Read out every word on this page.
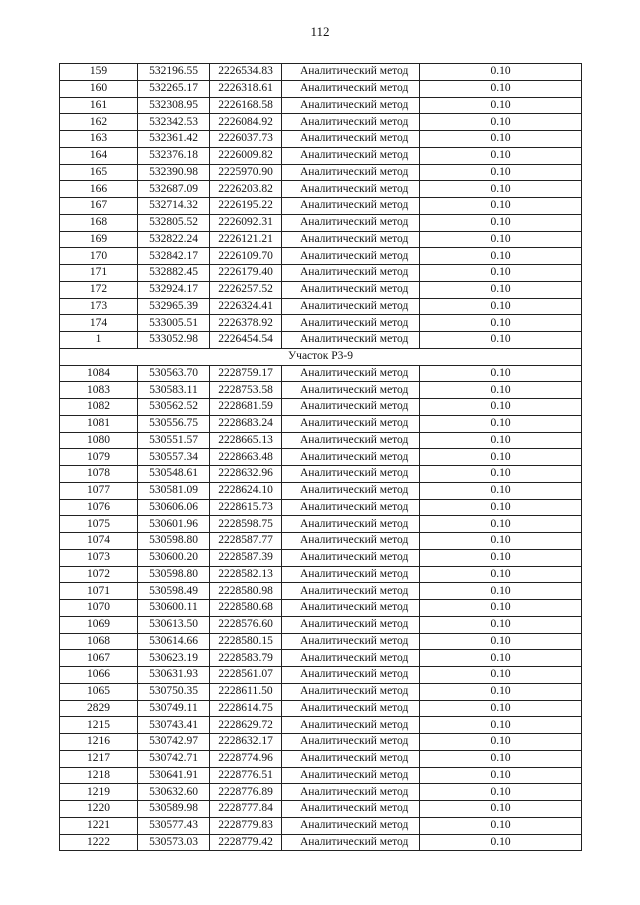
112
159	532196.55	2226534.83	Аналитический метод	0.10
160	532265.17	2226318.61	Аналитический метод	0.10
161	532308.95	2226168.58	Аналитический метод	0.10
162	532342.53	2226084.92	Аналитический метод	0.10
163	532361.42	2226037.73	Аналитический метод	0.10
164	532376.18	2226009.82	Аналитический метод	0.10
165	532390.98	2225970.90	Аналитический метод	0.10
166	532687.09	2226203.82	Аналитический метод	0.10
167	532714.32	2226195.22	Аналитический метод	0.10
168	532805.52	2226092.31	Аналитический метод	0.10
169	532822.24	2226121.21	Аналитический метод	0.10
170	532842.17	2226109.70	Аналитический метод	0.10
171	532882.45	2226179.40	Аналитический метод	0.10
172	532924.17	2226257.52	Аналитический метод	0.10
173	532965.39	2226324.41	Аналитический метод	0.10
174	533005.51	2226378.92	Аналитический метод	0.10
1	533052.98	2226454.54	Аналитический метод	0.10
Участок Р3-9				
1084	530563.70	2228759.17	Аналитический метод	0.10
1083	530583.11	2228753.58	Аналитический метод	0.10
1082	530562.52	2228681.59	Аналитический метод	0.10
1081	530556.75	2228683.24	Аналитический метод	0.10
1080	530551.57	2228665.13	Аналитический метод	0.10
1079	530557.34	2228663.48	Аналитический метод	0.10
1078	530548.61	2228632.96	Аналитический метод	0.10
1077	530581.09	2228624.10	Аналитический метод	0.10
1076	530606.06	2228615.73	Аналитический метод	0.10
1075	530601.96	2228598.75	Аналитический метод	0.10
1074	530598.80	2228587.77	Аналитический метод	0.10
1073	530600.20	2228587.39	Аналитический метод	0.10
1072	530598.80	2228582.13	Аналитический метод	0.10
1071	530598.49	2228580.98	Аналитический метод	0.10
1070	530600.11	2228580.68	Аналитический метод	0.10
1069	530613.50	2228576.60	Аналитический метод	0.10
1068	530614.66	2228580.15	Аналитический метод	0.10
1067	530623.19	2228583.79	Аналитический метод	0.10
1066	530631.93	2228561.07	Аналитический метод	0.10
1065	530750.35	2228611.50	Аналитический метод	0.10
2829	530749.11	2228614.75	Аналитический метод	0.10
1215	530743.41	2228629.72	Аналитический метод	0.10
1216	530742.97	2228632.17	Аналитический метод	0.10
1217	530742.71	2228774.96	Аналитический метод	0.10
1218	530641.91	2228776.51	Аналитический метод	0.10
1219	530632.60	2228776.89	Аналитический метод	0.10
1220	530589.98	2228777.84	Аналитический метод	0.10
1221	530577.43	2228779.83	Аналитический метод	0.10
1222	530573.03	2228779.42	Аналитический метод	0.10
